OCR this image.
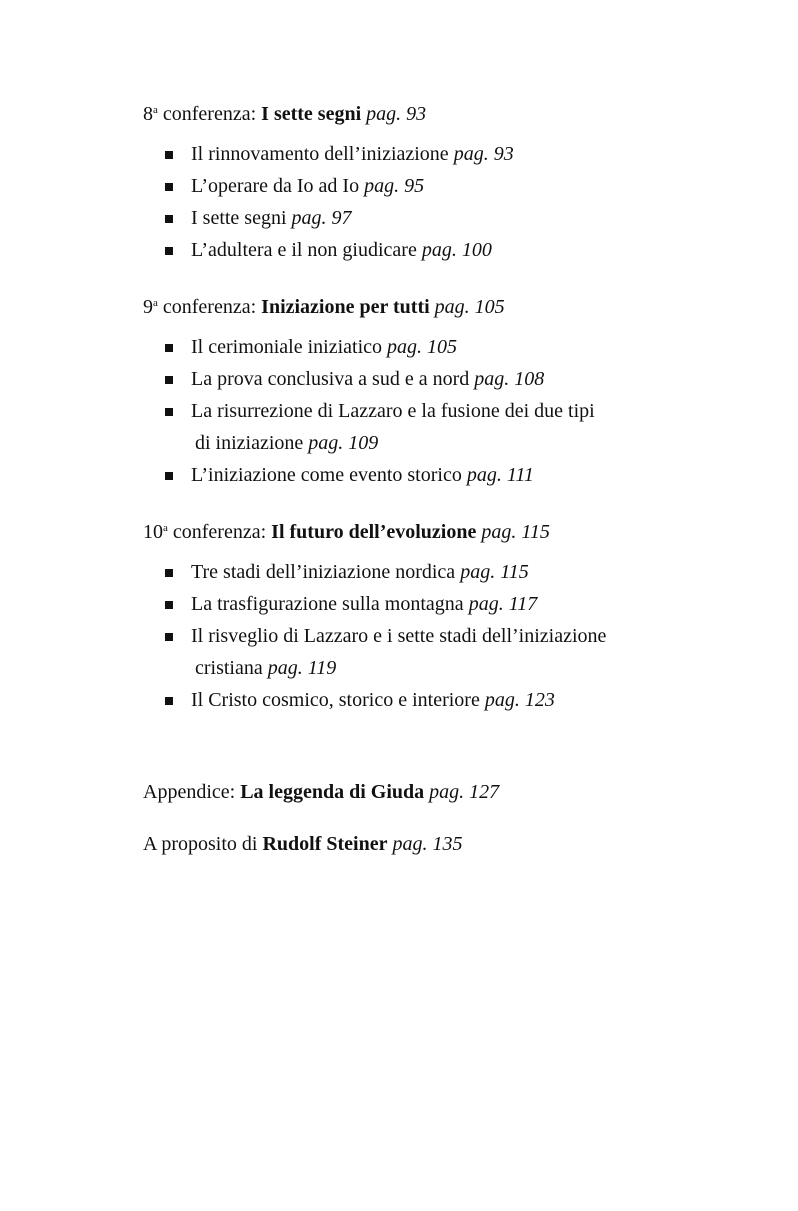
8$^a$ conferenza: I sette segni pag. 93
Il rinnovamento dell’iniziazione pag. 93
L’operare da Io ad Io pag. 95
I sette segni pag. 97
L’adultera e il non giudicare pag. 100
9$^a$ conferenza: Iniziazione per tutti pag. 105
Il cerimoniale iniziatico pag. 105
La prova conclusiva a sud e a nord pag. 108
La risurrezione di Lazzaro e la fusione dei due tipi
di iniziazione pag. 109
L’iniziazione come evento storico pag. 111
10$^a$ conferenza: Il futuro dell’evoluzione pag. 115
Tre stadi dell’iniziazione nordica pag. 115
La trasfigurazione sulla montagna pag. 117
Il risveglio di Lazzaro e i sette stadi dell’iniziazione
cristiana pag. 119
Il Cristo cosmico, storico e interiore pag. 123
Appendice: La leggenda di Giuda pag. 127
A proposito di Rudolf Steiner pag. 135
